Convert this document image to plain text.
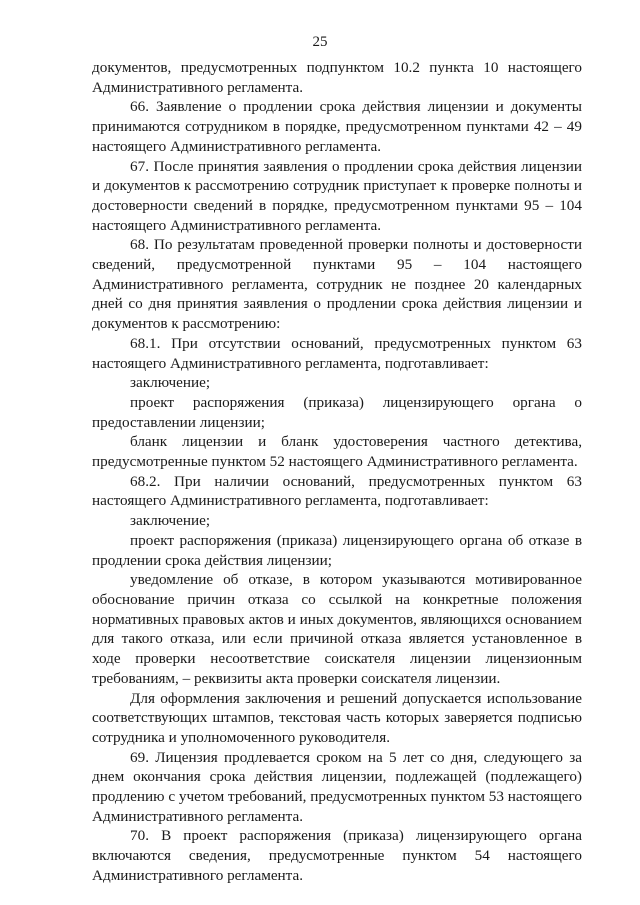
25

документов, предусмотренных подпунктом 10.2 пункта 10 настоящего Административного регламента.

66. Заявление о продлении срока действия лицензии и документы принимаются сотрудником в порядке, предусмотренном пунктами 42 – 49 настоящего Административного регламента.

67. После принятия заявления о продлении срока действия лицензии и документов к рассмотрению сотрудник приступает к проверке полноты и достоверности сведений в порядке, предусмотренном пунктами 95 – 104 настоящего Административного регламента.

68. По результатам проведенной проверки полноты и достоверности сведений, предусмотренной пунктами 95 – 104 настоящего Административного регламента, сотрудник не позднее 20 календарных дней со дня принятия заявления о продлении срока действия лицензии и документов к рассмотрению:

68.1. При отсутствии оснований, предусмотренных пунктом 63 настоящего Административного регламента, подготавливает:

заключение;

проект распоряжения (приказа) лицензирующего органа о предоставлении лицензии;

бланк лицензии и бланк удостоверения частного детектива, предусмотренные пунктом 52 настоящего Административного регламента.

68.2. При наличии оснований, предусмотренных пунктом 63 настоящего Административного регламента, подготавливает:

заключение;

проект распоряжения (приказа) лицензирующего органа об отказе в продлении срока действия лицензии;

уведомление об отказе, в котором указываются мотивированное обоснование причин отказа со ссылкой на конкретные положения нормативных правовых актов и иных документов, являющихся основанием для такого отказа, или если причиной отказа является установленное в ходе проверки несоответствие соискателя лицензии лицензионным требованиям, – реквизиты акта проверки соискателя лицензии.

Для оформления заключения и решений допускается использование соответствующих штампов, текстовая часть которых заверяется подписью сотрудника и уполномоченного руководителя.

69. Лицензия продлевается сроком на 5 лет со дня, следующего за днем окончания срока действия лицензии, подлежащей (подлежащего) продлению с учетом требований, предусмотренных пунктом 53 настоящего Административного регламента.

70. В проект распоряжения (приказа) лицензирующего органа включаются сведения, предусмотренные пунктом 54 настоящего Административного регламента.
